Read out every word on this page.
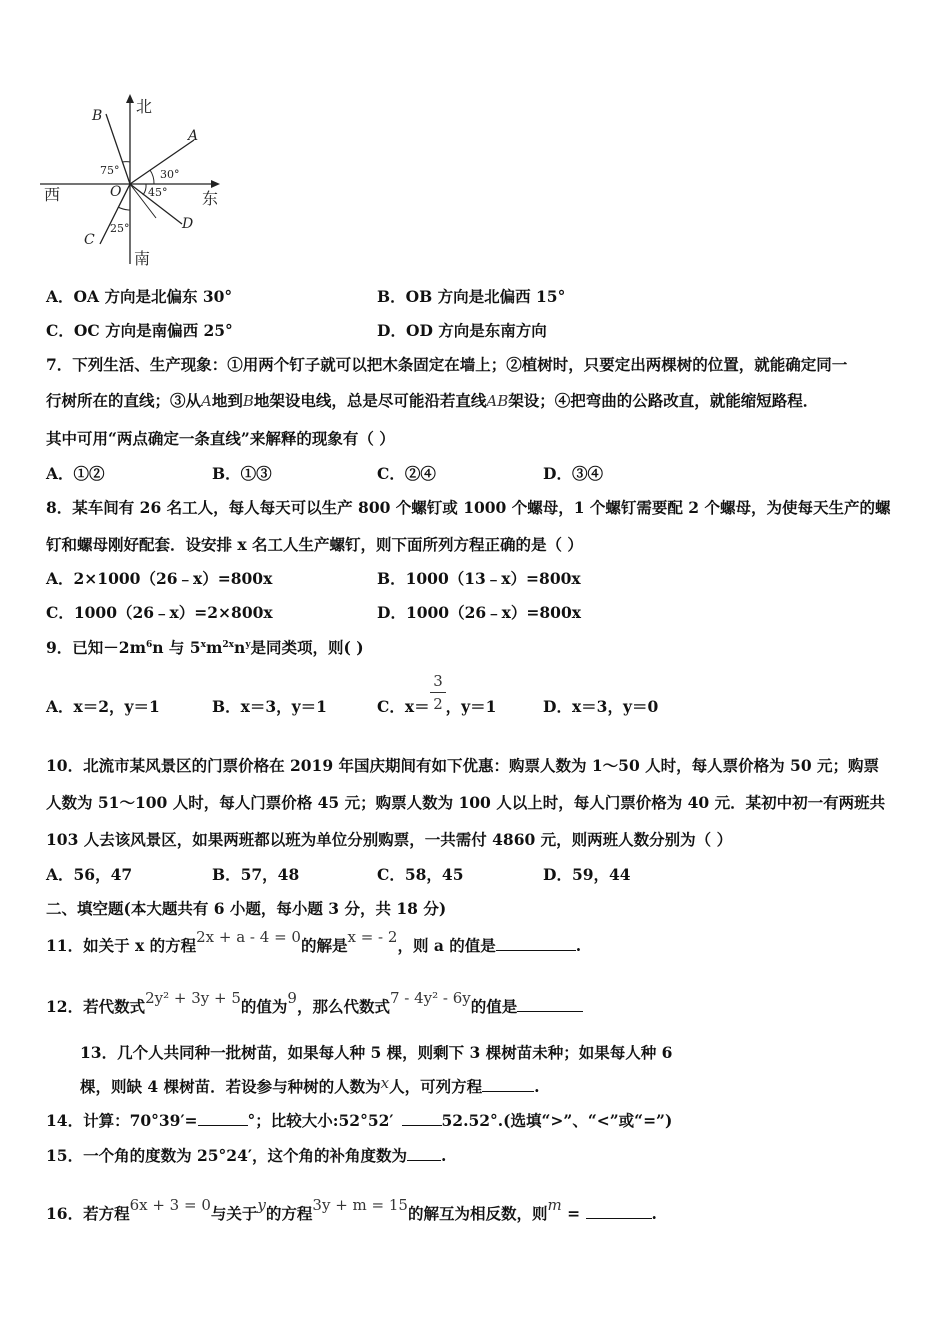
北
南
西	东
A
B
C
D
O
75°	30°
45°
25°
A．OA 方向是北偏东 30°	B．OB 方向是北偏西 15°
C．OC 方向是南偏西 25°	D．OD 方向是东南方向
7．下列生活、生产现象：①用两个钉子就可以把木条固定在墙上；②植树时，只要定出两棵树的位置，就能确定同一
行树所在的直线；③从A地到B地架设电线，总是尽可能沿若直线AB架设；④把弯曲的公路改直，就能缩短路程．
其中可用“两点确定一条直线”来解释的现象有（ ）
A．①②	B．①③	C．②④	D．③④
8．某车间有 26 名工人，每人每天可以生产 800 个螺钉或 1000 个螺母，1 个螺钉需要配 2 个螺母，为使每天生产的螺
钉和螺母刚好配套．设安排 x 名工人生产螺钉，则下面所列方程正确的是（ ）
A．2×1000（26﹣x）=800x	B．1000（13﹣x）=800x
C．1000（26﹣x）=2×800x	D．1000（26﹣x）=800x
9．已知$-2m^6n$ 与 $5^xm^{2x}n^y$是同类项，则( )
A．x＝2，y＝1	B．x＝3，y＝1	C．x＝ ，y＝1
3
2	D．x＝3，y＝0
10．北流市某风景区的门票价格在 2019 年国庆期间有如下优惠：购票人数为 1～50 人时，每人票价格为 50 元；购票
人数为 51～100 人时，每人门票价格 45 元；购票人数为 100 人以上时，每人门票价格为 40 元．某初中初一有两班共
103 人去该风景区，如果两班都以班为单位分别购票，一共需付 4860 元，则两班人数分别为（ ）
A．56，47	B．57，48	C．58，45	D．59，44
二、填空题(本大题共有 6 小题，每小题 3 分，共 18 分)
11．如关于 x 的方程2x + a - 4 = 0的解是x = - 2，则 a 的值是	.
12．若代数式2y² + 3y + 5的值为9，那么代数式7 - 4y² - 6y的值是
13．几个人共同种一批树苗，如果每人种 5 棵，则剩下 3 棵树苗未种；如果每人种 6
棵，则缺 4 棵树苗．若设参与种树的人数为x人，可列方程	.
14．计算：70°39′=	°；比较大小:52°52′	52.52°.(选填“>”、“<”或“=”)
15．一个角的度数为 25°24′，这个角的补角度数为 .
16．若方程6x + 3 = 0与关于y的方程3y + m = 15的解互为相反数，则m =	.
